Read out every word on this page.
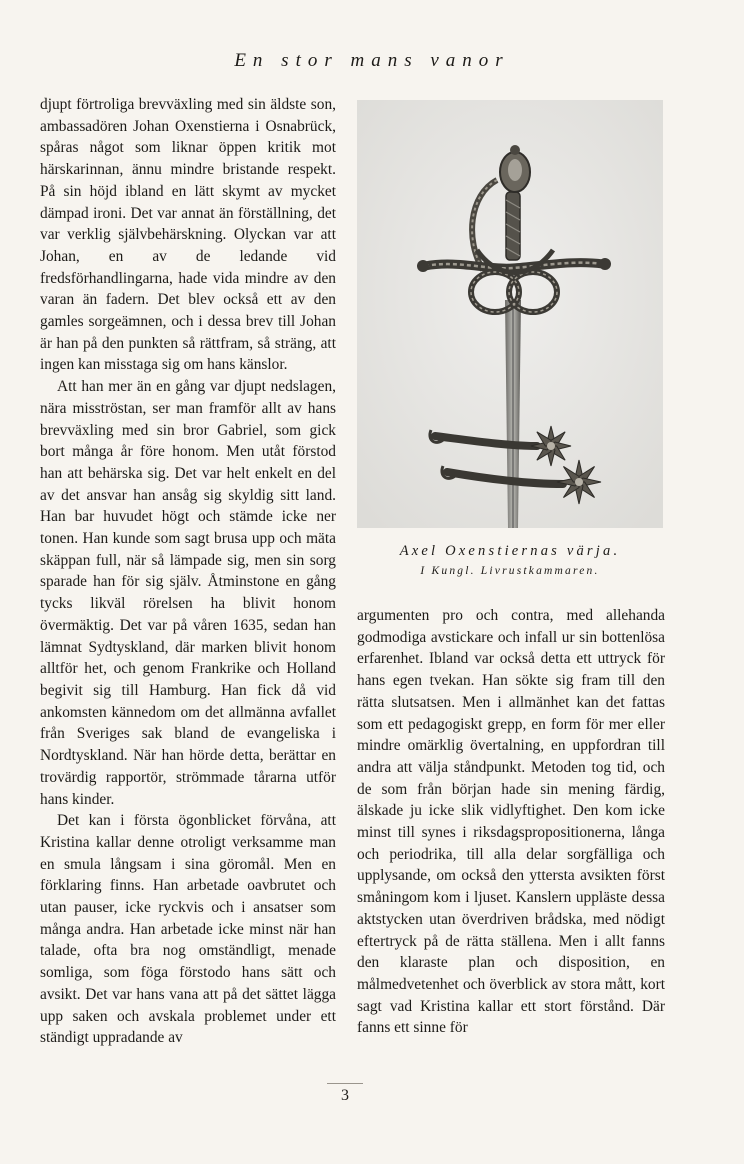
En stor mans vanor

djupt förtroliga brevväxling med sin äldste son, ambassadören Johan Oxenstierna i Osnabrück, spåras något som liknar öppen kritik mot härskarinnan, ännu mindre bristande respekt. På sin höjd ibland en lätt skymt av mycket dämpad ironi. Det var annat än förställning, det var verklig självbehärskning. Olyckan var att Johan, en av de ledande vid fredsförhandlingarna, hade vida mindre av den varan än fadern. Det blev också ett av den gamles sorgeämnen, och i dessa brev till Johan är han på den punkten så rättfram, så sträng, att ingen kan misstaga sig om hans känslor.

Att han mer än en gång var djupt nedslagen, nära misströstan, ser man framför allt av hans brevväxling med sin bror Gabriel, som gick bort många år före honom. Men utåt förstod han att behärska sig. Det var helt enkelt en del av det ansvar han ansåg sig skyldig sitt land. Han bar huvudet högt och stämde icke ner tonen. Han kunde som sagt brusa upp och mäta skäppan full, när så lämpade sig, men sin sorg sparade han för sig själv. Åtminstone en gång tycks likväl rörelsen ha blivit honom övermäktig. Det var på våren 1635, sedan han lämnat Sydtyskland, där marken blivit honom alltför het, och genom Frankrike och Holland begivit sig till Hamburg. Han fick då vid ankomsten kännedom om det allmänna avfallet från Sveriges sak bland de evangeliska i Nordtyskland. När han hörde detta, berättar en trovärdig rapportör, strömmade tårarna utför hans kinder.

Det kan i första ögonblicket förvåna, att Kristina kallar denne otroligt verksamme man en smula långsam i sina göromål. Men en förklaring finns. Han arbetade oavbrutet och utan pauser, icke ryckvis och i ansatser som många andra. Han arbetade icke minst när han talade, ofta bra nog omständligt, menade somliga, som föga förstodo hans sätt och avsikt. Det var hans vana att på det sättet lägga upp saken och avskala problemet under ett ständigt uppradande av

Axel Oxenstiernas värja.
I Kungl. Livrustkammaren.

argumenten pro och contra, med allehanda godmodiga avstickare och infall ur sin bottenlösa erfarenhet. Ibland var också detta ett uttryck för hans egen tvekan. Han sökte sig fram till den rätta slutsatsen. Men i allmänhet kan det fattas som ett pedagogiskt grepp, en form för mer eller mindre omärklig övertalning, en uppfordran till andra att välja ståndpunkt. Metoden tog tid, och de som från början hade sin mening färdig, älskade ju icke slik vidlyftighet. Den kom icke minst till synes i riksdagspropositionerna, långa och periodrika, till alla delar sorgfälliga och upplysande, om också den yttersta avsikten först småningom kom i ljuset. Kanslern uppläste dessa aktstycken utan överdriven brådska, med nödigt eftertryck på de rätta ställena. Men i allt fanns den klaraste plan och disposition, en målmedvetenhet och överblick av stora mått, kort sagt vad Kristina kallar ett stort förstånd. Där fanns ett sinne för

3
